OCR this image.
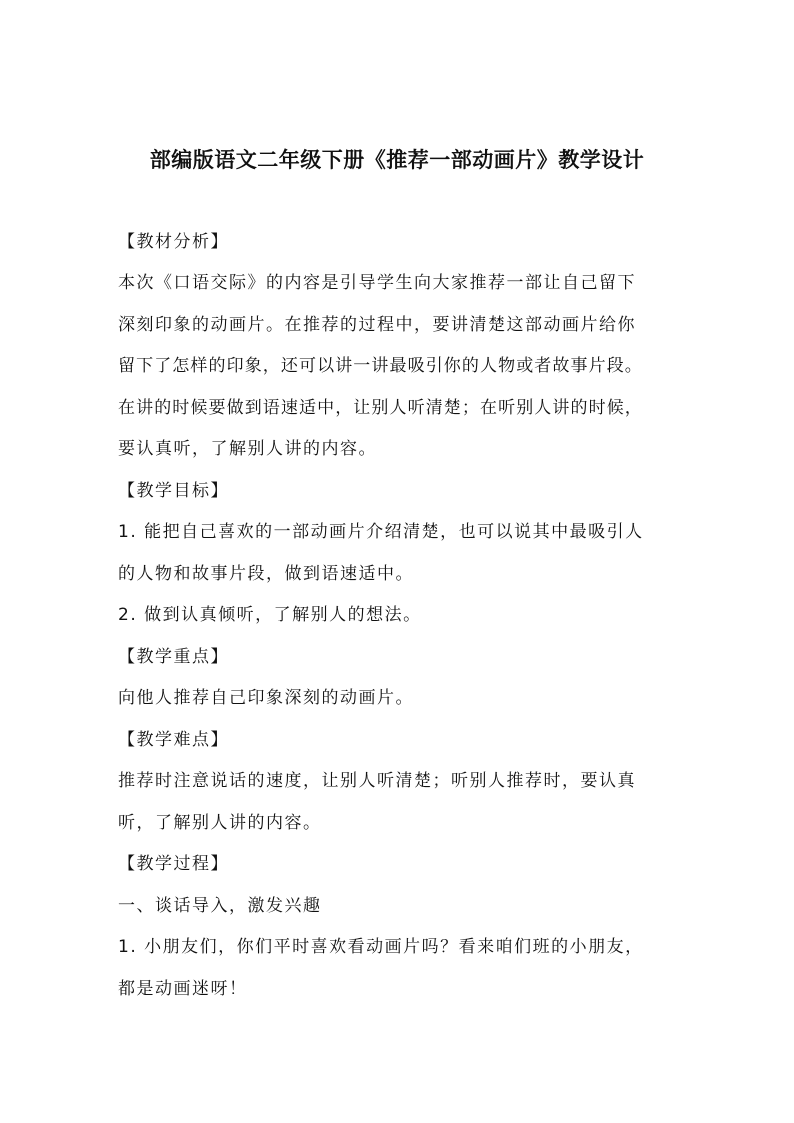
部编版语文二年级下册《推荐一部动画片》教学设计
【教材分析】
本次《口语交际》的内容是引导学生向大家推荐一部让自己留下
深刻印象的动画片。在推荐的过程中，要讲清楚这部动画片给你
留下了怎样的印象，还可以讲一讲最吸引你的人物或者故事片段。
在讲的时候要做到语速适中，让别人听清楚；在听别人讲的时候，
要认真听，了解别人讲的内容。
【教学目标】
1. 能把自己喜欢的一部动画片介绍清楚，也可以说其中最吸引人
的人物和故事片段，做到语速适中。
2. 做到认真倾听，了解别人的想法。
【教学重点】
向他人推荐自己印象深刻的动画片。
【教学难点】
推荐时注意说话的速度，让别人听清楚；听别人推荐时，要认真
听，了解别人讲的内容。
【教学过程】
一、谈话导入，激发兴趣
1. 小朋友们，你们平时喜欢看动画片吗？看来咱们班的小朋友，
都是动画迷呀！
